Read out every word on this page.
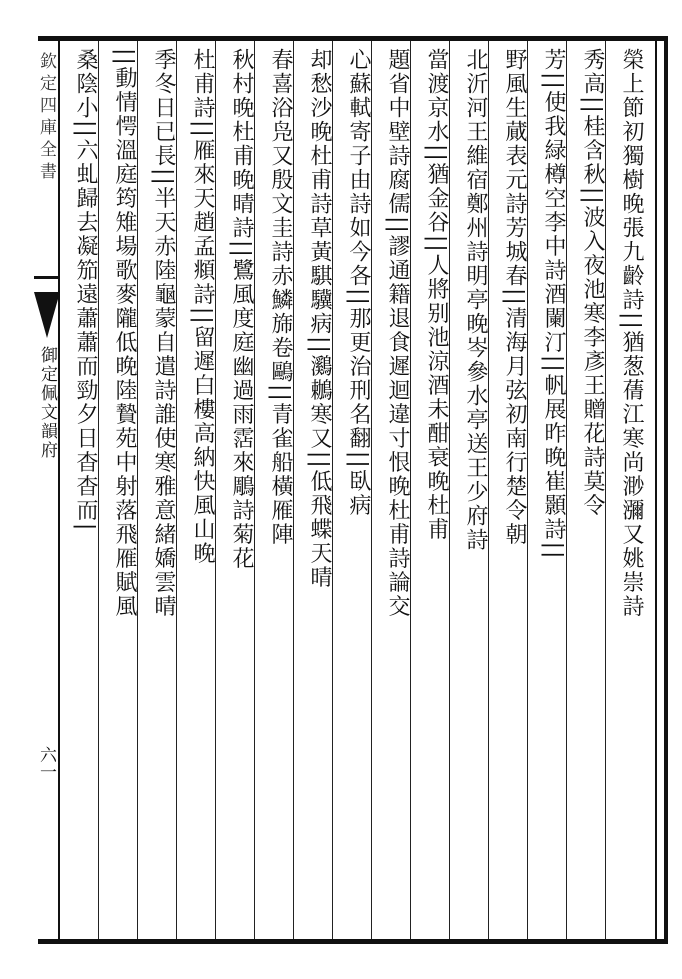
欽定四庫全書
御定佩文韻府
六一
榮上節初獨樹晚張九齡詩||猶葱蒨江寒尚渺瀰又姚崇詩
秀高||桂含秋||波入夜池寒李彥王贈花詩莫令
芳||使我緑樽空李中詩酒闌汀||帆展昨晚崔顥詩||
野風生蕆表元詩芳城春||清海月弦初南行楚令朝
北沂河王維宿鄭州詩明亭晚岑參水亭送王少府詩
當渡京水||猶金谷||人將别池涼酒未酣衰晚杜甫
題省中壁詩腐儒||謬通籍退食遲迴違寸恨晚杜甫詩論交
心蘇軾寄子由詩如今各||那更治刑名翻||臥病
却愁沙晚杜甫詩草黃騏驥病||鸂鶒寒又||低飛蝶天晴
春喜浴凫又殷文圭詩赤鱗旆卷鷗||青雀船橫雁陣
秋村晚杜甫晚晴詩||鷺風度庭幽過雨霑來鵰詩菊花
杜甫詩||雁來天趙孟頫詩||留遲白樓高納快風山晚
季冬日已長||半天赤陸龜蒙自遣詩誰使寒雅意緒嬌雲晴
||動情愕溫庭筠雉場歌麥隴低晚陸贄苑中射落飛雁賦風
桑陰小||六虬歸去凝笳遠蕭蕭而勁夕日杳杳而|
